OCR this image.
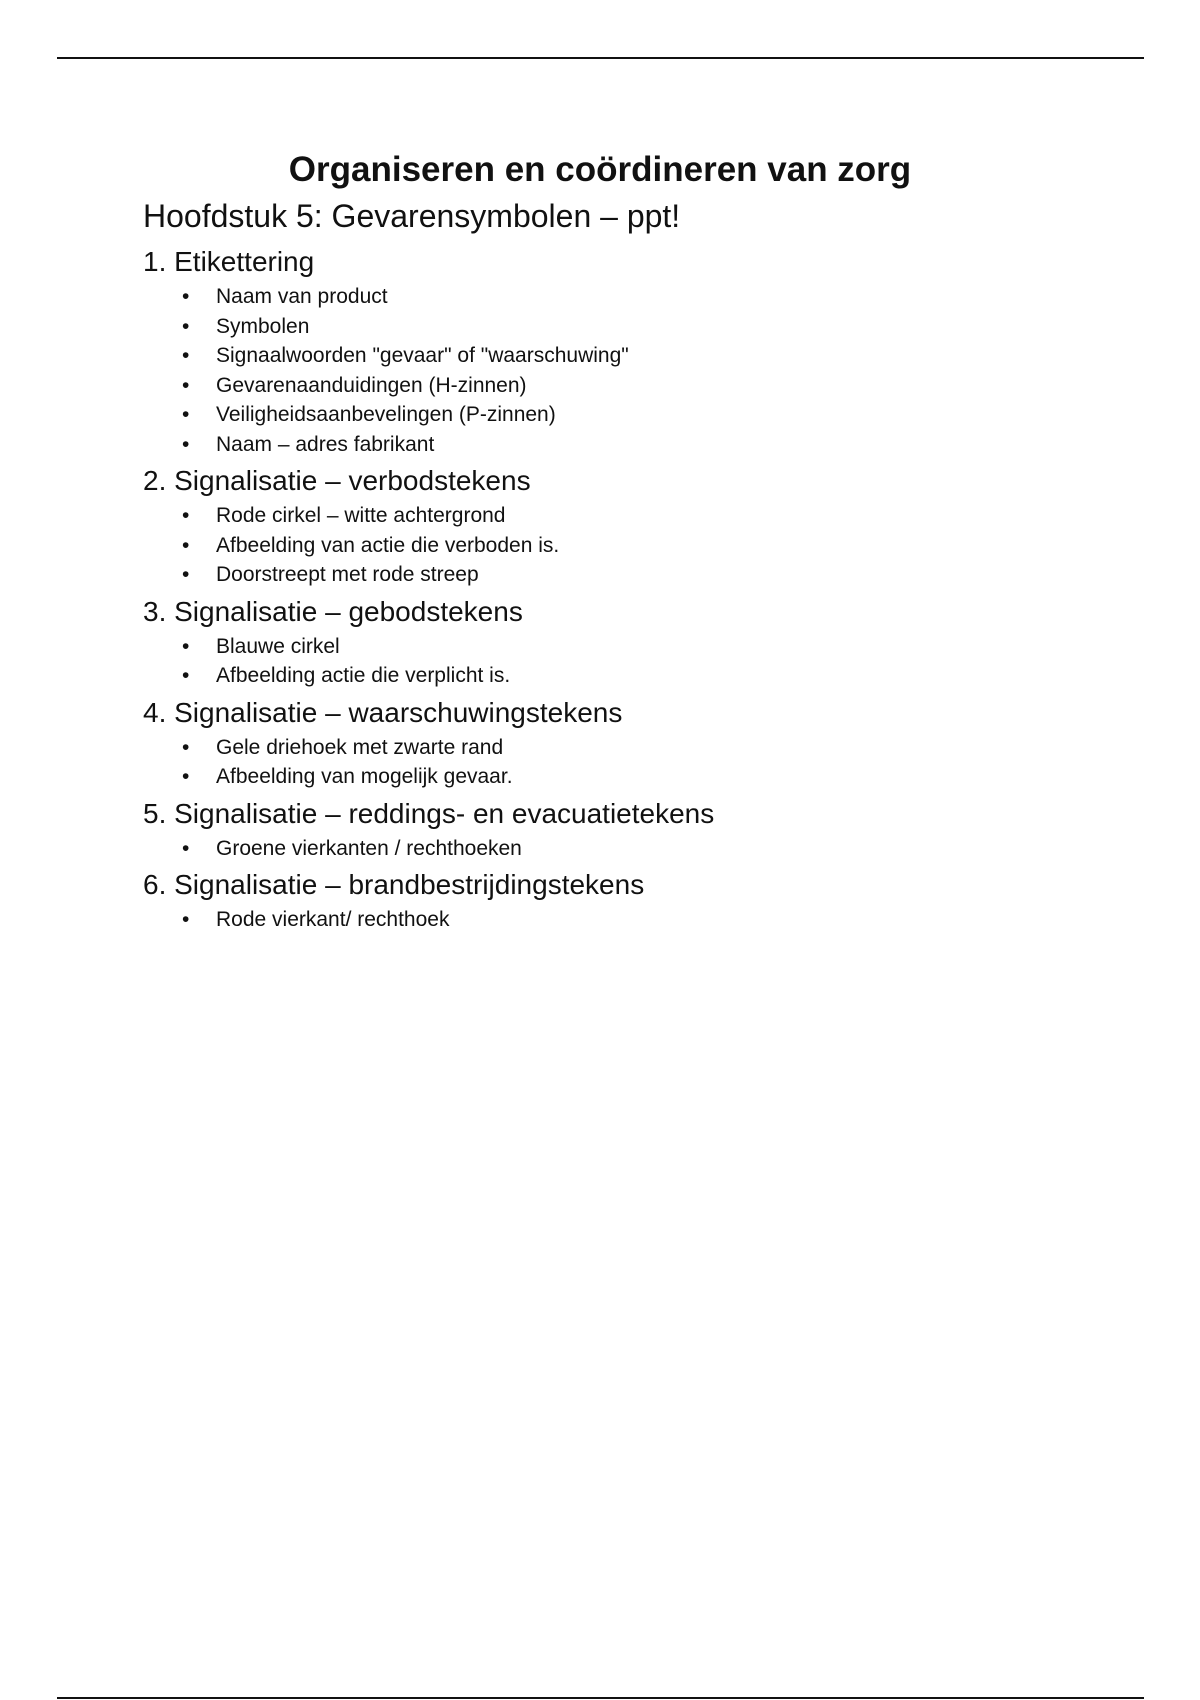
Organiseren en coördineren van zorg
Hoofdstuk 5: Gevarensymbolen – ppt!
1. Etikettering
• Naam van product
• Symbolen
• Signaalwoorden "gevaar" of "waarschuwing"
• Gevarenaanduidingen (H-zinnen)
• Veiligheidsaanbevelingen (P-zinnen)
• Naam – adres fabrikant
2. Signalisatie – verbodstekens
• Rode cirkel – witte achtergrond
• Afbeelding van actie die verboden is.
• Doorstreept met rode streep
3. Signalisatie – gebodstekens
• Blauwe cirkel
• Afbeelding actie die verplicht is.
4. Signalisatie – waarschuwingstekens
• Gele driehoek met zwarte rand
• Afbeelding van mogelijk gevaar.
5. Signalisatie – reddings- en evacuatietekens
• Groene vierkanten / rechthoeken
6. Signalisatie – brandbestrijdingstekens
• Rode vierkant/ rechthoek
